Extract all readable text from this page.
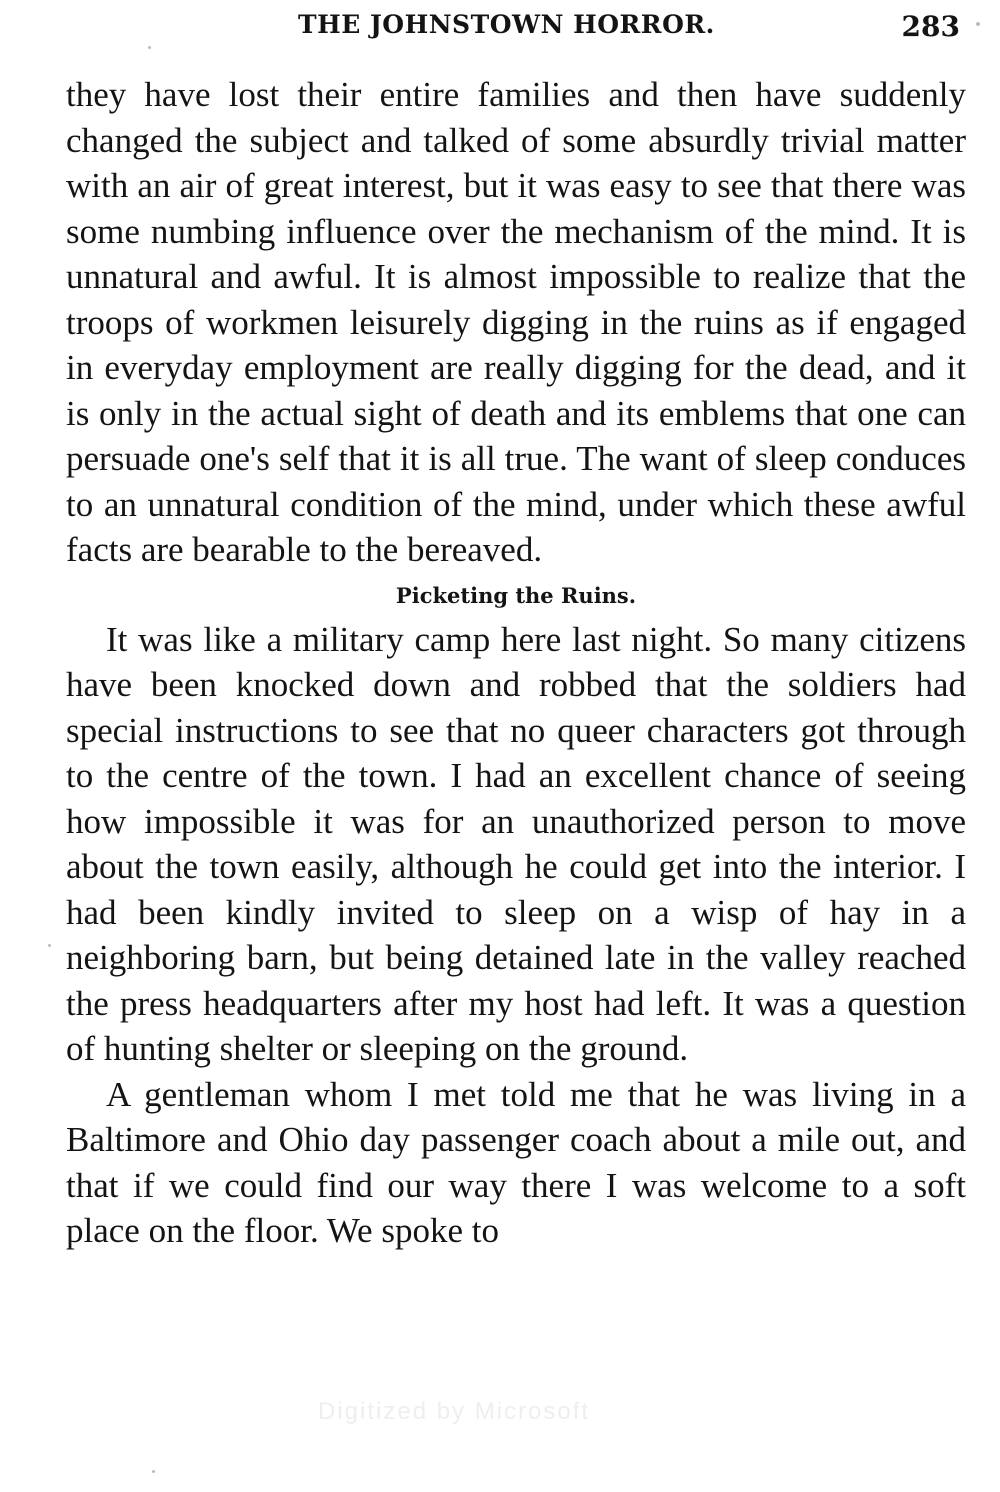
THE JOHNSTOWN HORROR.	283
Digitized by Microsoft

they have lost their entire families and then have suddenly changed the subject and talked of some absurdly trivial matter with an air of great interest, but it was easy to see that there was some numbing influence over the mechanism of the mind. It is unnatural and awful. It is almost impossible to realize that the troops of workmen leisurely digging in the ruins as if engaged in everyday employment are really digging for the dead, and it is only in the actual sight of death and its emblems that one can persuade one's self that it is all true. The want of sleep conduces to an unnatural condition of the mind, under which these awful facts are bearable to the bereaved.

Picketing the Ruins.

It was like a military camp here last night. So many citizens have been knocked down and robbed that the soldiers had special instructions to see that no queer characters got through to the centre of the town. I had an excellent chance of seeing how impossible it was for an unauthorized person to move about the town easily, although he could get into the interior. I had been kindly invited to sleep on a wisp of hay in a neighboring barn, but being detained late in the valley reached the press headquarters after my host had left. It was a question of hunting shelter or sleeping on the ground.

A gentleman whom I met told me that he was living in a Baltimore and Ohio day passenger coach about a mile out, and that if we could find our way there I was welcome to a soft place on the floor. We spoke to
